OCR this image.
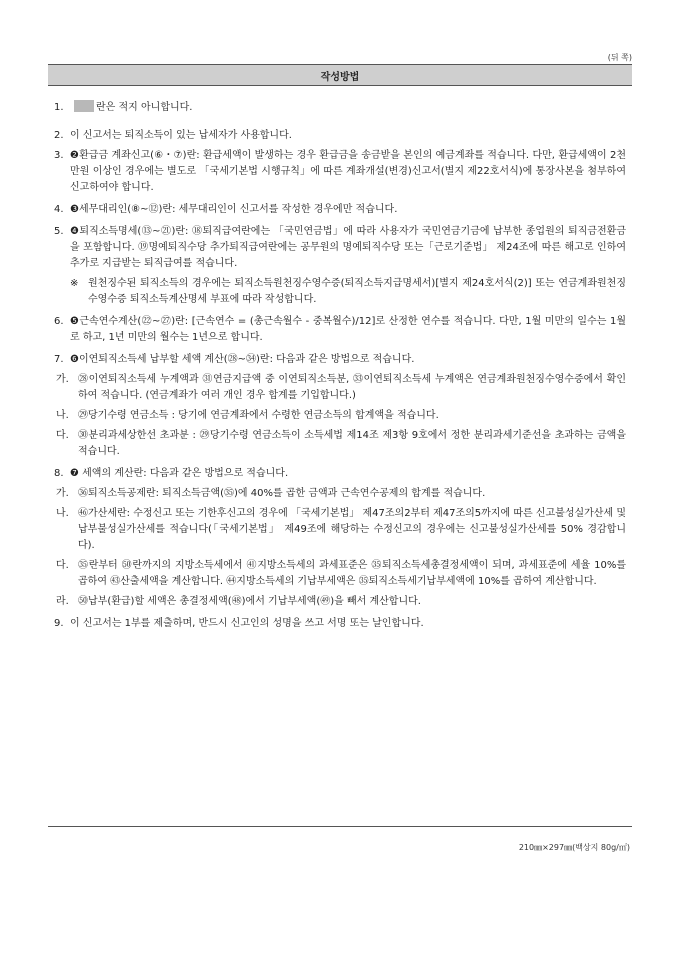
(뒤 쪽)
작성방법
1.	란은 적지 아니합니다.
2. 이 신고서는 퇴직소득이 있는 납세자가 사용합니다.
3. ❷환급금 계좌신고(⑥・⑦)란: 환급세액이 발생하는 경우 환급금을 송금받을 본인의 예금계좌를 적습니다. 다만, 환급세액이 2천만원 이상인 경우에는 별도로 「국세기본법 시행규칙」에 따른 계좌개설(변경)신고서(별지 제22호서식)에 통장사본을 첨부하여 신고하여야 합니다.
4. ❸세무대리인(⑧~⑫)란: 세무대리인이 신고서를 작성한 경우에만 적습니다.
5. ❹퇴직소득명세(⑬~㉑)란: ⑱퇴직급여란에는 「국민연금법」에 따라 사용자가 국민연금기금에 납부한 종업원의 퇴직금전환금을 포함합니다. ⑲명예퇴직수당 추가퇴직급여란에는 공무원의 명예퇴직수당 또는「근로기준법」 제24조에 따른 해고로 인하여 추가로 지급받는 퇴직급여를 적습니다.
※ 원천징수된 퇴직소득의 경우에는 퇴직소득원천징수영수증(퇴직소득지급명세서)[별지 제24호서식(2)] 또는 연금계좌원천징수영수증 퇴직소득계산명세 부표에 따라 작성합니다.
6. ❺근속연수계산(㉒~㉗)란: [근속연수 = (총근속월수 - 중복월수)/12]로 산정한 연수를 적습니다. 다만, 1월 미만의 일수는 1월로 하고, 1년 미만의 월수는 1년으로 합니다.
7. ❻이연퇴직소득세 납부할 세액 계산(㉘~㉞)란: 다음과 같은 방법으로 적습니다.
가. ㉘이연퇴직소득세 누계액과 ㉛연금지급액 중 이연퇴직소득분, ㉝이연퇴직소득세 누계액은 연금계좌원천징수영수증에서 확인하여 적습니다. (연금계좌가 여러 개인 경우 합계를 기입합니다.)
나. ㉙당기수령 연금소득 : 당기에 연금계좌에서 수령한 연금소득의 합계액을 적습니다.
다. ㉚분리과세상한선 초과분 : ㉙당기수령 연금소득이 소득세법 제14조 제3항 9호에서 정한 분리과세기준선을 초과하는 금액을 적습니다.
8. ❼ 세액의 계산란: 다음과 같은 방법으로 적습니다.
가. ㊱퇴직소득공제란: 퇴직소득금액(㉟)에 40%를 곱한 금액과 근속연수공제의 합계를 적습니다.
나. ㊻가산세란: 수정신고 또는 기한후신고의 경우에 「국세기본법」 제47조의2부터 제47조의5까지에 따른 신고불성실가산세 및 납부불성실가산세를 적습니다(「국세기본법」 제49조에 해당하는 수정신고의 경우에는 신고불성실가산세를 50% 경감합니다).
다. ㉟란부터 ㊿란까지의 지방소득세에서 ㊶지방소득세의 과세표준은 ㉟퇴직소득세총결정세액이 되며, 과세표준에 세율 10%를 곱하여 ㊸산출세액을 계산합니다. ㊹지방소득세의 기납부세액은 ㉟퇴직소득세기납부세액에 10%를 곱하여 계산합니다.
라. ㊿납부(환급)할 세액은 총결정세액(㊽)에서 기납부세액(㊾)을 빼서 계산합니다.
9. 이 신고서는 1부를 제출하며, 반드시 신고인의 성명을 쓰고 서명 또는 날인합니다.
210㎜×297㎜(백상지 80g/㎡)
